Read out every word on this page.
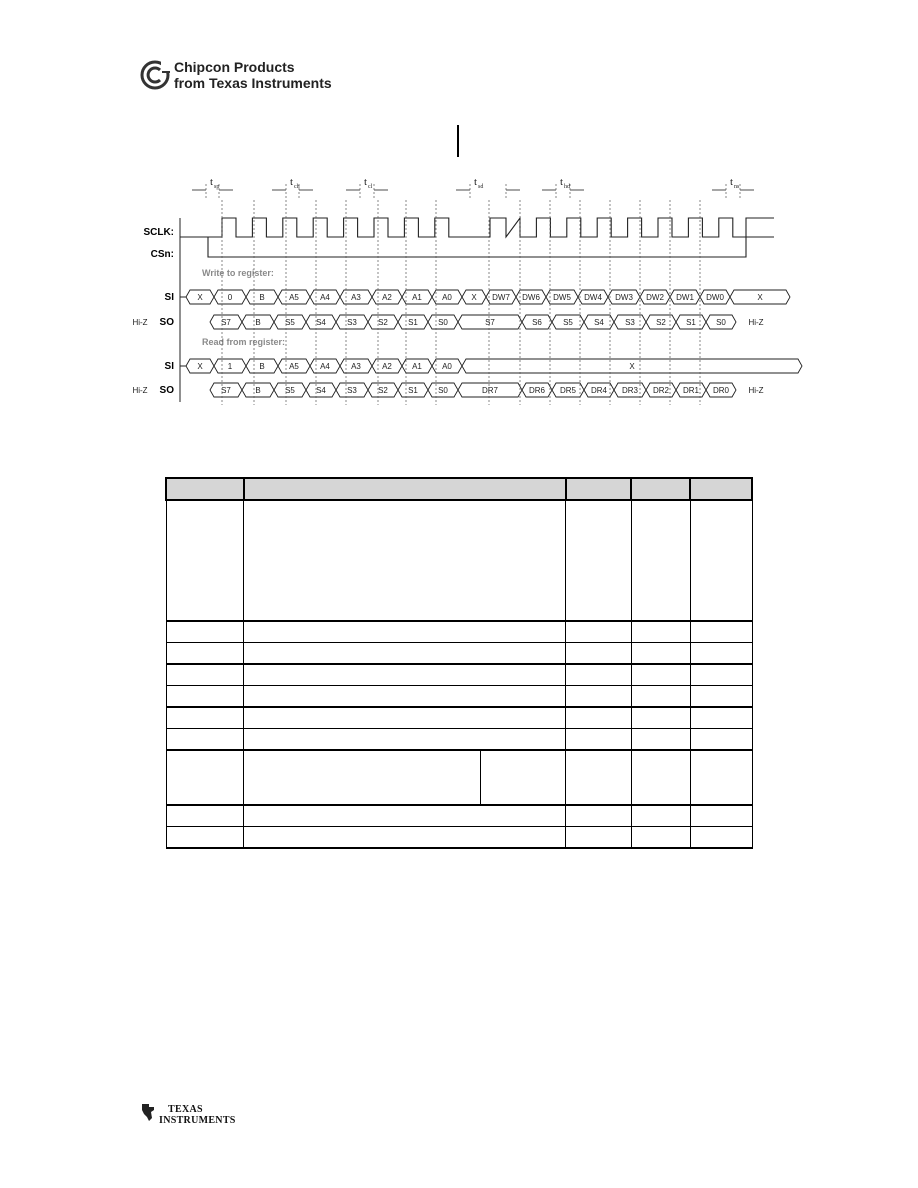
Chipcon Products
from Texas Instruments
t sp	t ch	t cl	t sd	t hd	t ns
SCLK:
CSn:
SI
SO
SI
SO
Write to register:
Read from register:
X	0	B	A5	A4	A3	A2	A1	A0 X DW7 DW6 DW5 DW4 DW3 DW2 DW1 DW0	X
Hi-Z	S7	B	S5	S4	S3	S2	S1	S0	S7	S6	S5	S4	S3	S2	S1	S0	Hi-Z
X	1	B	A5	A4	A3	A2	A1	A0	X
Hi-Z	S7	B	S5	S4	S3	S2	S1	S0	DR7	DR6 DR5 DR4 DR3 DR2 DR1 DR0 Hi-Z

TEXAS
INSTRUMENTS
